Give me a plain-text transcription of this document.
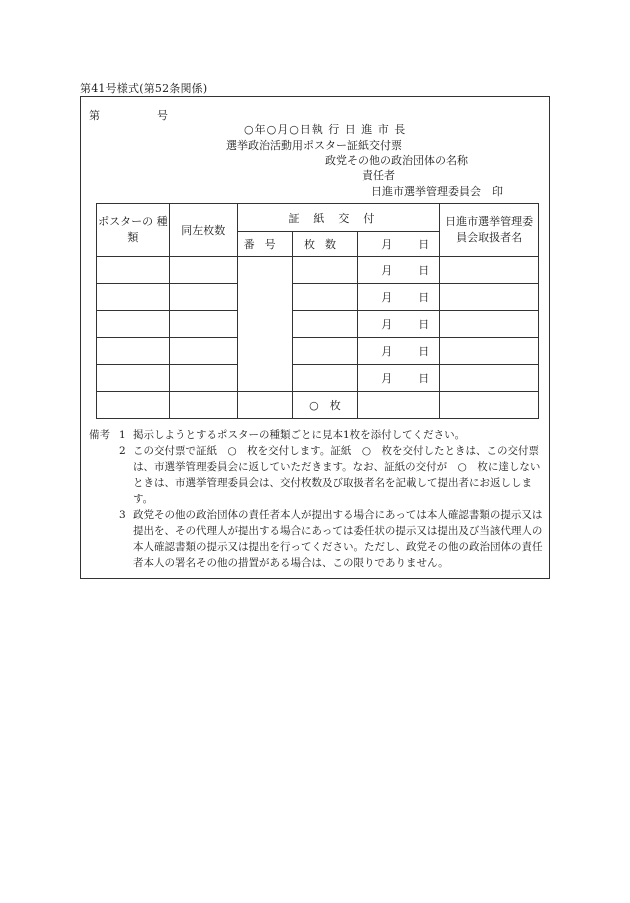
第41号様式(第52条関係)
第	号
○年○月○日執 行 日 進 市 長
選挙政治活動用ポスター証紙交付票
政党その他の政治団体の名称
責任者
日進市選挙管理委員会　印
ポスターの 種 類	同左枚数	証紙交付			日進市選挙管理委員会取扱者名
		番号	枚数	月 日	
				月 日	
				月 日	
				月 日	
				月 日	
				月 日	
			○　枚		
備考 1 掲示しようとするポスターの種類ごとに見本1枚を添付してください。
2 この交付票で証紙　○　枚を交付します。証紙　○　枚を交付したときは、この交付票は、市選挙管理委員会に返していただきます。なお、証紙の交付が　○　枚に達しないときは、市選挙管理委員会は、交付枚数及び取扱者名を記載して提出者にお返しします。
3 政党その他の政治団体の責任者本人が提出する場合にあっては本人確認書類の提示又は提出を、その代理人が提出する場合にあっては委任状の提示又は提出及び当該代理人の本人確認書類の提示又は提出を行ってください。ただし、政党その他の政治団体の責任者本人の署名その他の措置がある場合は、この限りでありません。
